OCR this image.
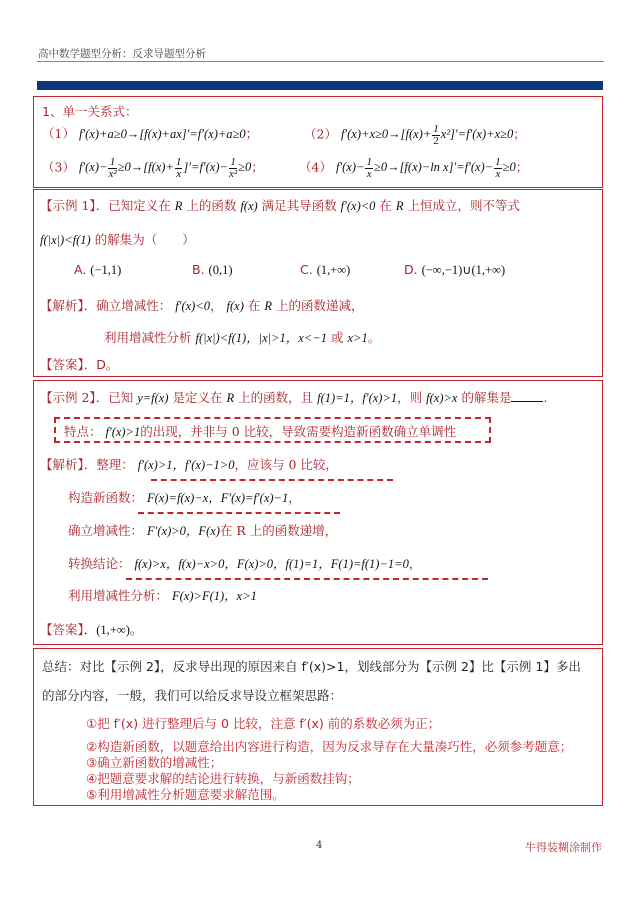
高中数学题型分析：反求导题型分析
1、单一关系式：
（1） f′(x)+a≥0→[f(x)+ax]′=f′(x)+a≥0；	（2） $f'(x)+x\ge 0\to[f(x)+ \frac{1}{2} x^2]'=f'(x)+x\ge 0$；
（3） $f'(x)- \frac{1}{\text{x²}} \ge 0\to[f(x)+ \frac{1}{x} ]'=f'(x)- \frac{1}{\text{x²}} \ge 0$；	（4） $f'(x)- \frac{1}{x} \ge 0\to[f(x)-\ln$ $x]'=f'(x)- \frac{1}{x} \ge 0$；
【示例 1】．已知定义在 R 上的函数 f(x) 满足其导函数 f′(x)<0 在 R 上恒成立，则不等式
f(|x|)<f(1) 的解集为（　　）
A. (−1,1)	B. (0,1)	C. (1,+∞)	D. (−∞,−1)∪(1,+∞)
【解析】．确立增减性： f′(x)<0， f(x) 在 R 上的函数递减，
利用增减性分析 f(|x|)<f(1)，|x|>1，x<−1 或 x>1。
【答案】．D。
【示例 2】．已知 y=f(x) 是定义在 R 上的函数，且 f(1)=1，f′(x)>1，则 f(x)>x 的解集是	.
特点： f′(x)>1的出现，并非与 0 比较，导致需要构造新函数确立单调性
【解析】．整理： f′(x)>1，f′(x)−1>0，应该与 0 比较，
构造新函数： F(x)=f(x)−x，F′(x)=f′(x)−1，
确立增减性： F′(x)>0，F(x)在 R 上的函数递增，
转换结论： f(x)>x，f(x)−x>0，F(x)>0，f(1)=1，F(1)=f(1)−1=0，
利用增减性分析： F(x)>F(1)，x>1
【答案】．(1,+∞)。
总结：对比【示例 2】，反求导出现的原因来自 f′(x)>1，划线部分为【示例 2】比【示例 1】多出
的部分内容，一般，我们可以给反求导设立框架思路：
①把 f′(x) 进行整理后与 0 比较，注意 f′(x) 前的系数必须为正；
②构造新函数，以题意给出内容进行构造，因为反求导存在大量凑巧性，必须参考题意；
③确立新函数的增减性；
④把题意要求解的结论进行转换，与新函数挂钩；
⑤利用增减性分析题意要求解范围。
4	牛得装糊涂制作
